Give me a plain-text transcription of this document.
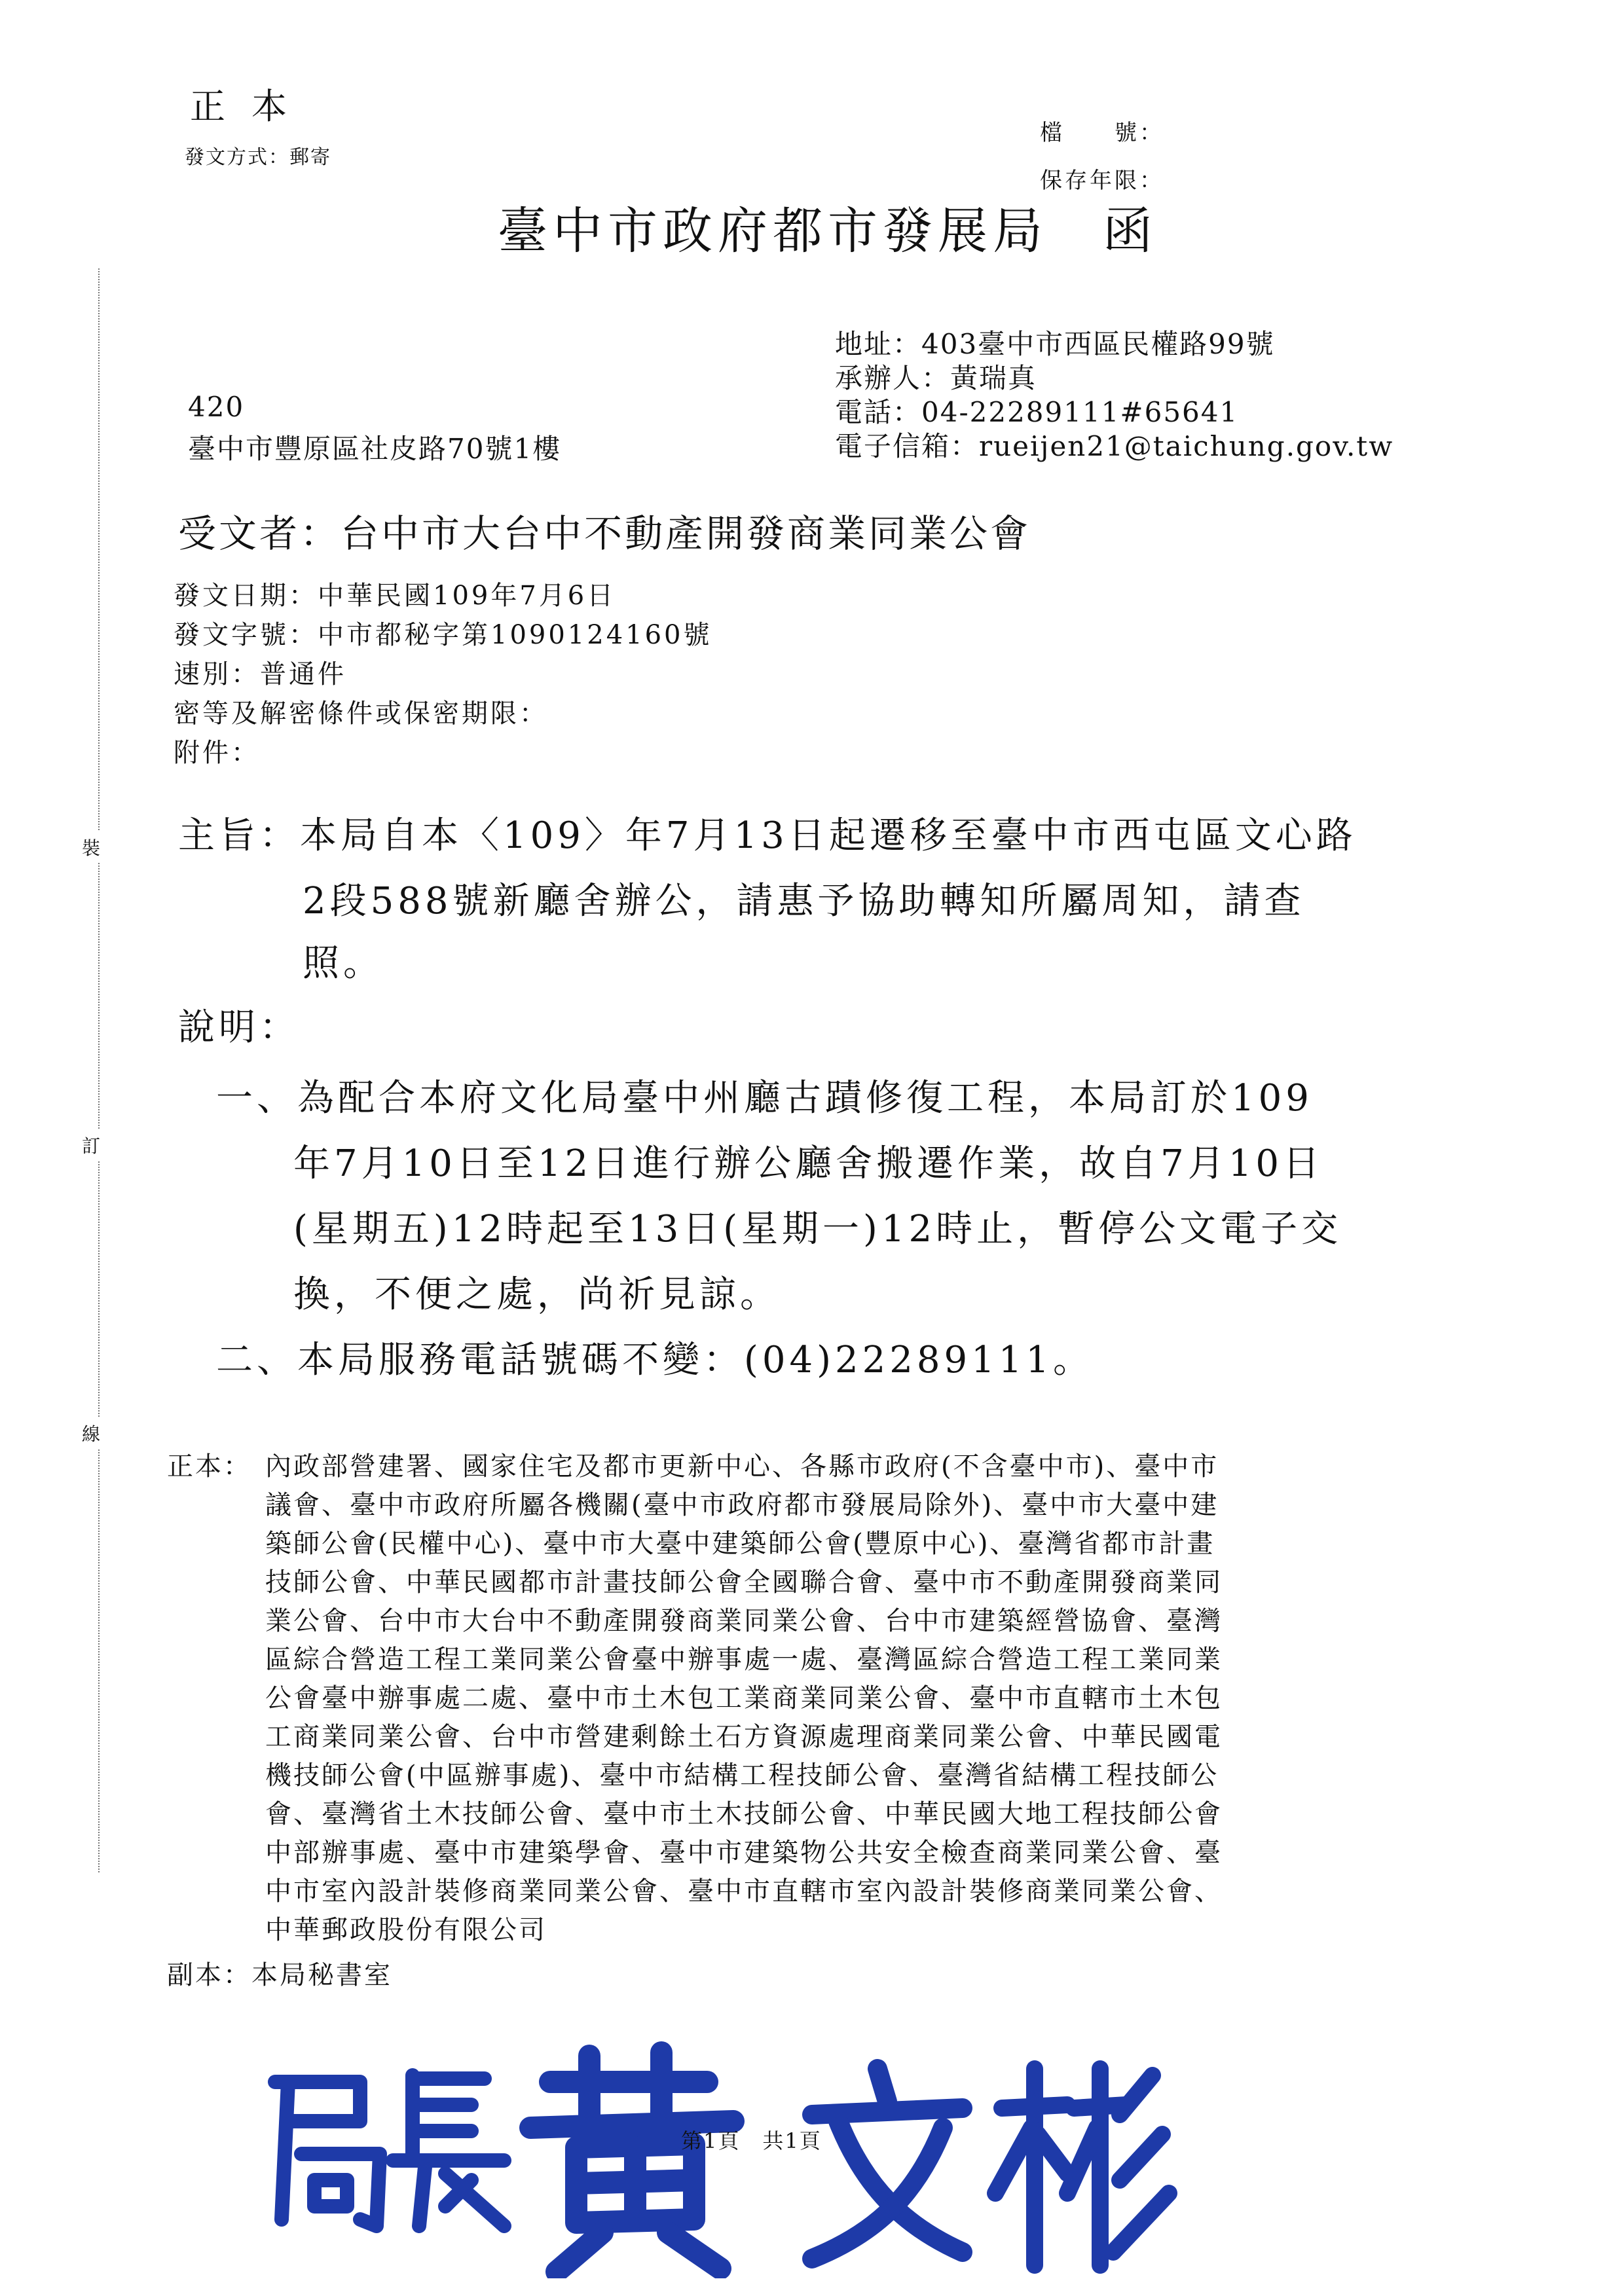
正本
發文方式：郵寄
檔　　號：
保存年限：
臺中市政府都市發展局　函
地址：403臺中市西區民權路99號
承辦人：黃瑞真
電話：04-22289111#65641
電子信箱：rueijen21@taichung.gov.tw
420
臺中市豐原區社皮路70號1樓
受文者：台中市大台中不動產開發商業同業公會
發文日期：中華民國109年7月6日
發文字號：中市都秘字第1090124160號
速別：普通件
密等及解密條件或保密期限：
附件：
主旨：本局自本〈109〉年7月13日起遷移至臺中市西屯區文心路
2段588號新廳舍辦公，請惠予協助轉知所屬周知，請查
照。
說明：
一、為配合本府文化局臺中州廳古蹟修復工程，本局訂於109
年7月10日至12日進行辦公廳舍搬遷作業，故自7月10日
(星期五)12時起至13日(星期一)12時止，暫停公文電子交
換，不便之處，尚祈見諒。
二、本局服務電話號碼不變：(04)22289111。
正本： 內政部營建署、國家住宅及都市更新中心、各縣市政府(不含臺中市)、臺中市
議會、臺中市政府所屬各機關(臺中市政府都市發展局除外)、臺中市大臺中建
築師公會(民權中心)、臺中市大臺中建築師公會(豐原中心)、臺灣省都市計畫
技師公會、中華民國都市計畫技師公會全國聯合會、臺中市不動產開發商業同
業公會、台中市大台中不動產開發商業同業公會、台中市建築經營協會、臺灣
區綜合營造工程工業同業公會臺中辦事處一處、臺灣區綜合營造工程工業同業
公會臺中辦事處二處、臺中市土木包工業商業同業公會、臺中市直轄市土木包
工商業同業公會、台中市營建剩餘土石方資源處理商業同業公會、中華民國電
機技師公會(中區辦事處)、臺中市結構工程技師公會、臺灣省結構工程技師公
會、臺灣省土木技師公會、臺中市土木技師公會、中華民國大地工程技師公會
中部辦事處、臺中市建築學會、臺中市建築物公共安全檢查商業同業公會、臺
中市室內設計裝修商業同業公會、臺中市直轄市室內設計裝修商業同業公會、
中華郵政股份有限公司
副本：本局秘書室
裝
訂
線
第1頁　共1頁
